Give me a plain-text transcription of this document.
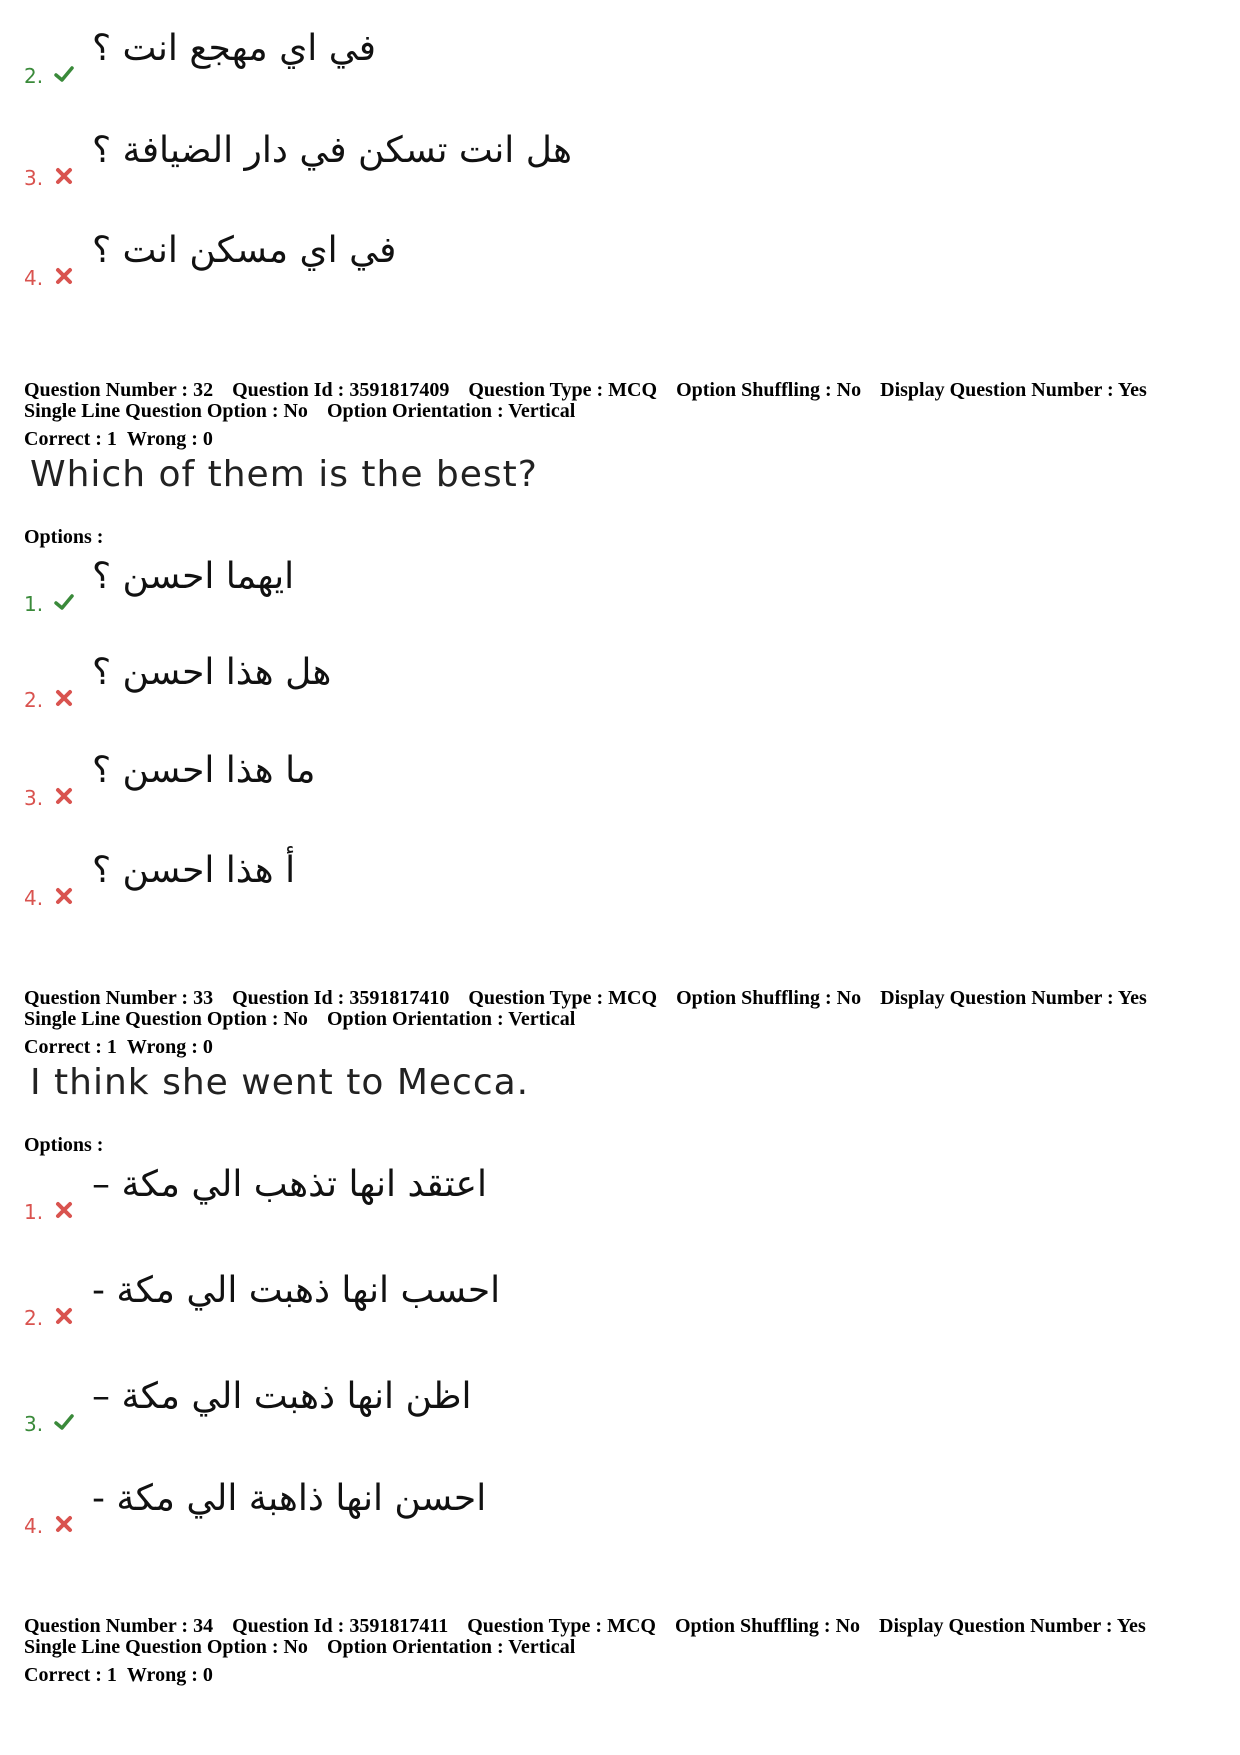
2.
في اي مهجع انت ؟
3.
هل انت تسكن في دار الضيافة ؟
4.
في اي مسكن انت ؟
Question Number : 32 Question Id : 3591817409 Question Type : MCQ Option Shuffling : No Display Question Number : Yes
Single Line Question Option : No Option Orientation : Vertical
Correct : 1 Wrong : 0
Which of them is the best?
Options :
1.
ايهما احسن ؟
2.
هل هذا احسن ؟
3.
ما هذا احسن ؟
4.
أ هذا احسن ؟
Question Number : 33 Question Id : 3591817410 Question Type : MCQ Option Shuffling : No Display Question Number : Yes
Single Line Question Option : No Option Orientation : Vertical
Correct : 1 Wrong : 0
I think she went to Mecca.
Options :
1.
اعتقد انها تذهب الي مكة –
2.
احسب انها ذهبت الي مكة -
3.
اظن انها ذهبت الي مكة –
4.
احسن انها ذاهبة الي مكة -
Question Number : 34 Question Id : 3591817411 Question Type : MCQ Option Shuffling : No Display Question Number : Yes
Single Line Question Option : No Option Orientation : Vertical
Correct : 1 Wrong : 0
